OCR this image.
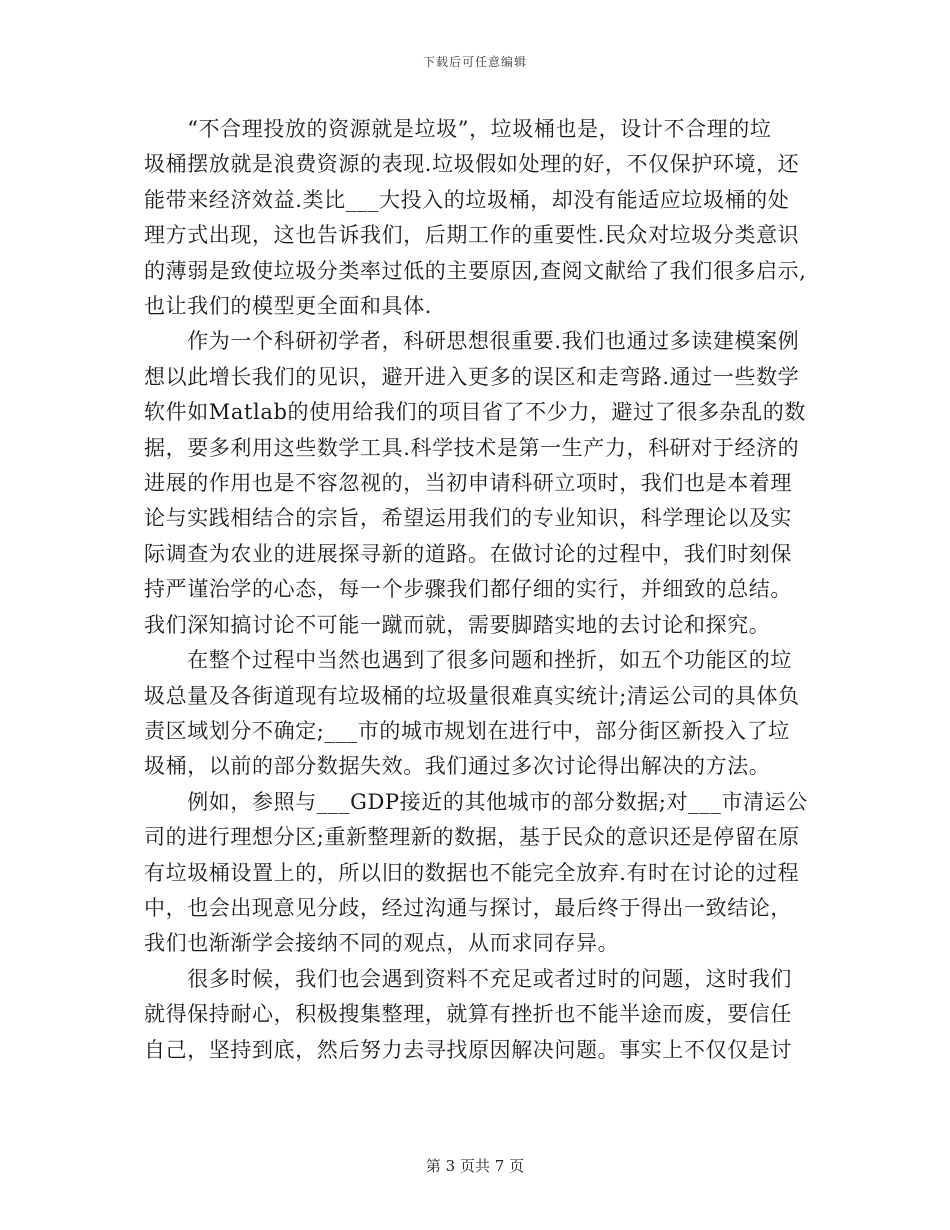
下载后可任意编辑
　　“不合理投放的资源就是垃圾”，垃圾桶也是，设计不合理的垃
圾桶摆放就是浪费资源的表现.垃圾假如处理的好，不仅保护环境，还
能带来经济效益.类比___大投入的垃圾桶，却没有能适应垃圾桶的处
理方式出现，这也告诉我们，后期工作的重要性.民众对垃圾分类意识
的薄弱是致使垃圾分类率过低的主要原因,查阅文献给了我们很多启示,
也让我们的模型更全面和具体.
　　作为一个科研初学者，科研思想很重要.我们也通过多读建模案例
想以此增长我们的见识，避开进入更多的误区和走弯路.通过一些数学
软件如Matlab的使用给我们的项目省了不少力，避过了很多杂乱的数
据，要多利用这些数学工具.科学技术是第一生产力，科研对于经济的
进展的作用也是不容忽视的，当初申请科研立项时，我们也是本着理
论与实践相结合的宗旨，希望运用我们的专业知识，科学理论以及实
际调查为农业的进展探寻新的道路。在做讨论的过程中，我们时刻保
持严谨治学的心态，每一个步骤我们都仔细的实行，并细致的总结。
我们深知搞讨论不可能一蹴而就，需要脚踏实地的去讨论和探究。
　　在整个过程中当然也遇到了很多问题和挫折，如五个功能区的垃
圾总量及各街道现有垃圾桶的垃圾量很难真实统计;清运公司的具体负
责区域划分不确定;___市的城市规划在进行中，部分街区新投入了垃
圾桶，以前的部分数据失效。我们通过多次讨论得出解决的方法。
　　例如，参照与___GDP接近的其他城市的部分数据;对___市清运公
司的进行理想分区;重新整理新的数据，基于民众的意识还是停留在原
有垃圾桶设置上的，所以旧的数据也不能完全放弃.有时在讨论的过程
中，也会出现意见分歧，经过沟通与探讨，最后终于得出一致结论，
我们也渐渐学会接纳不同的观点，从而求同存异。
　　很多时候，我们也会遇到资料不充足或者过时的问题，这时我们
就得保持耐心，积极搜集整理，就算有挫折也不能半途而废，要信任
自己，坚持到底，然后努力去寻找原因解决问题。事实上不仅仅是讨
第 3 页共 7 页
